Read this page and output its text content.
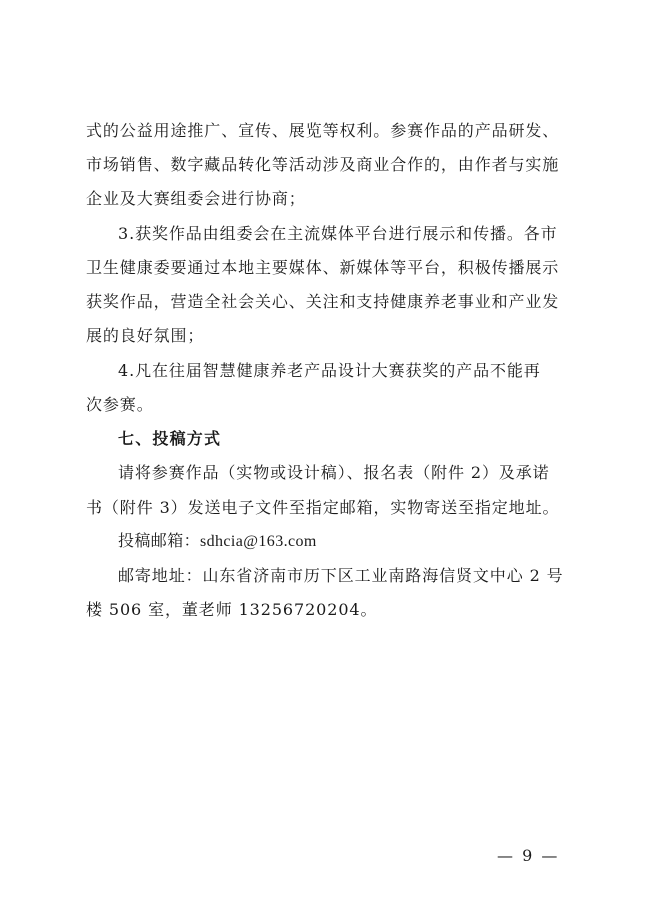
式的公益用途推广、宣传、展览等权利。参赛作品的产品研发、
市场销售、数字藏品转化等活动涉及商业合作的，由作者与实施
企业及大赛组委会进行协商；
3.获奖作品由组委会在主流媒体平台进行展示和传播。各市
卫生健康委要通过本地主要媒体、新媒体等平台，积极传播展示
获奖作品，营造全社会关心、关注和支持健康养老事业和产业发
展的良好氛围；
4.凡在往届智慧健康养老产品设计大赛获奖的产品不能再
次参赛。
七、投稿方式
请将参赛作品（实物或设计稿）、报名表（附件 2）及承诺
书（附件 3）发送电子文件至指定邮箱，实物寄送至指定地址。
投稿邮箱：sdhcia@163.com
邮寄地址：山东省济南市历下区工业南路海信贤文中心 2 号
楼 506 室，董老师 13256720204。
— 9 —
